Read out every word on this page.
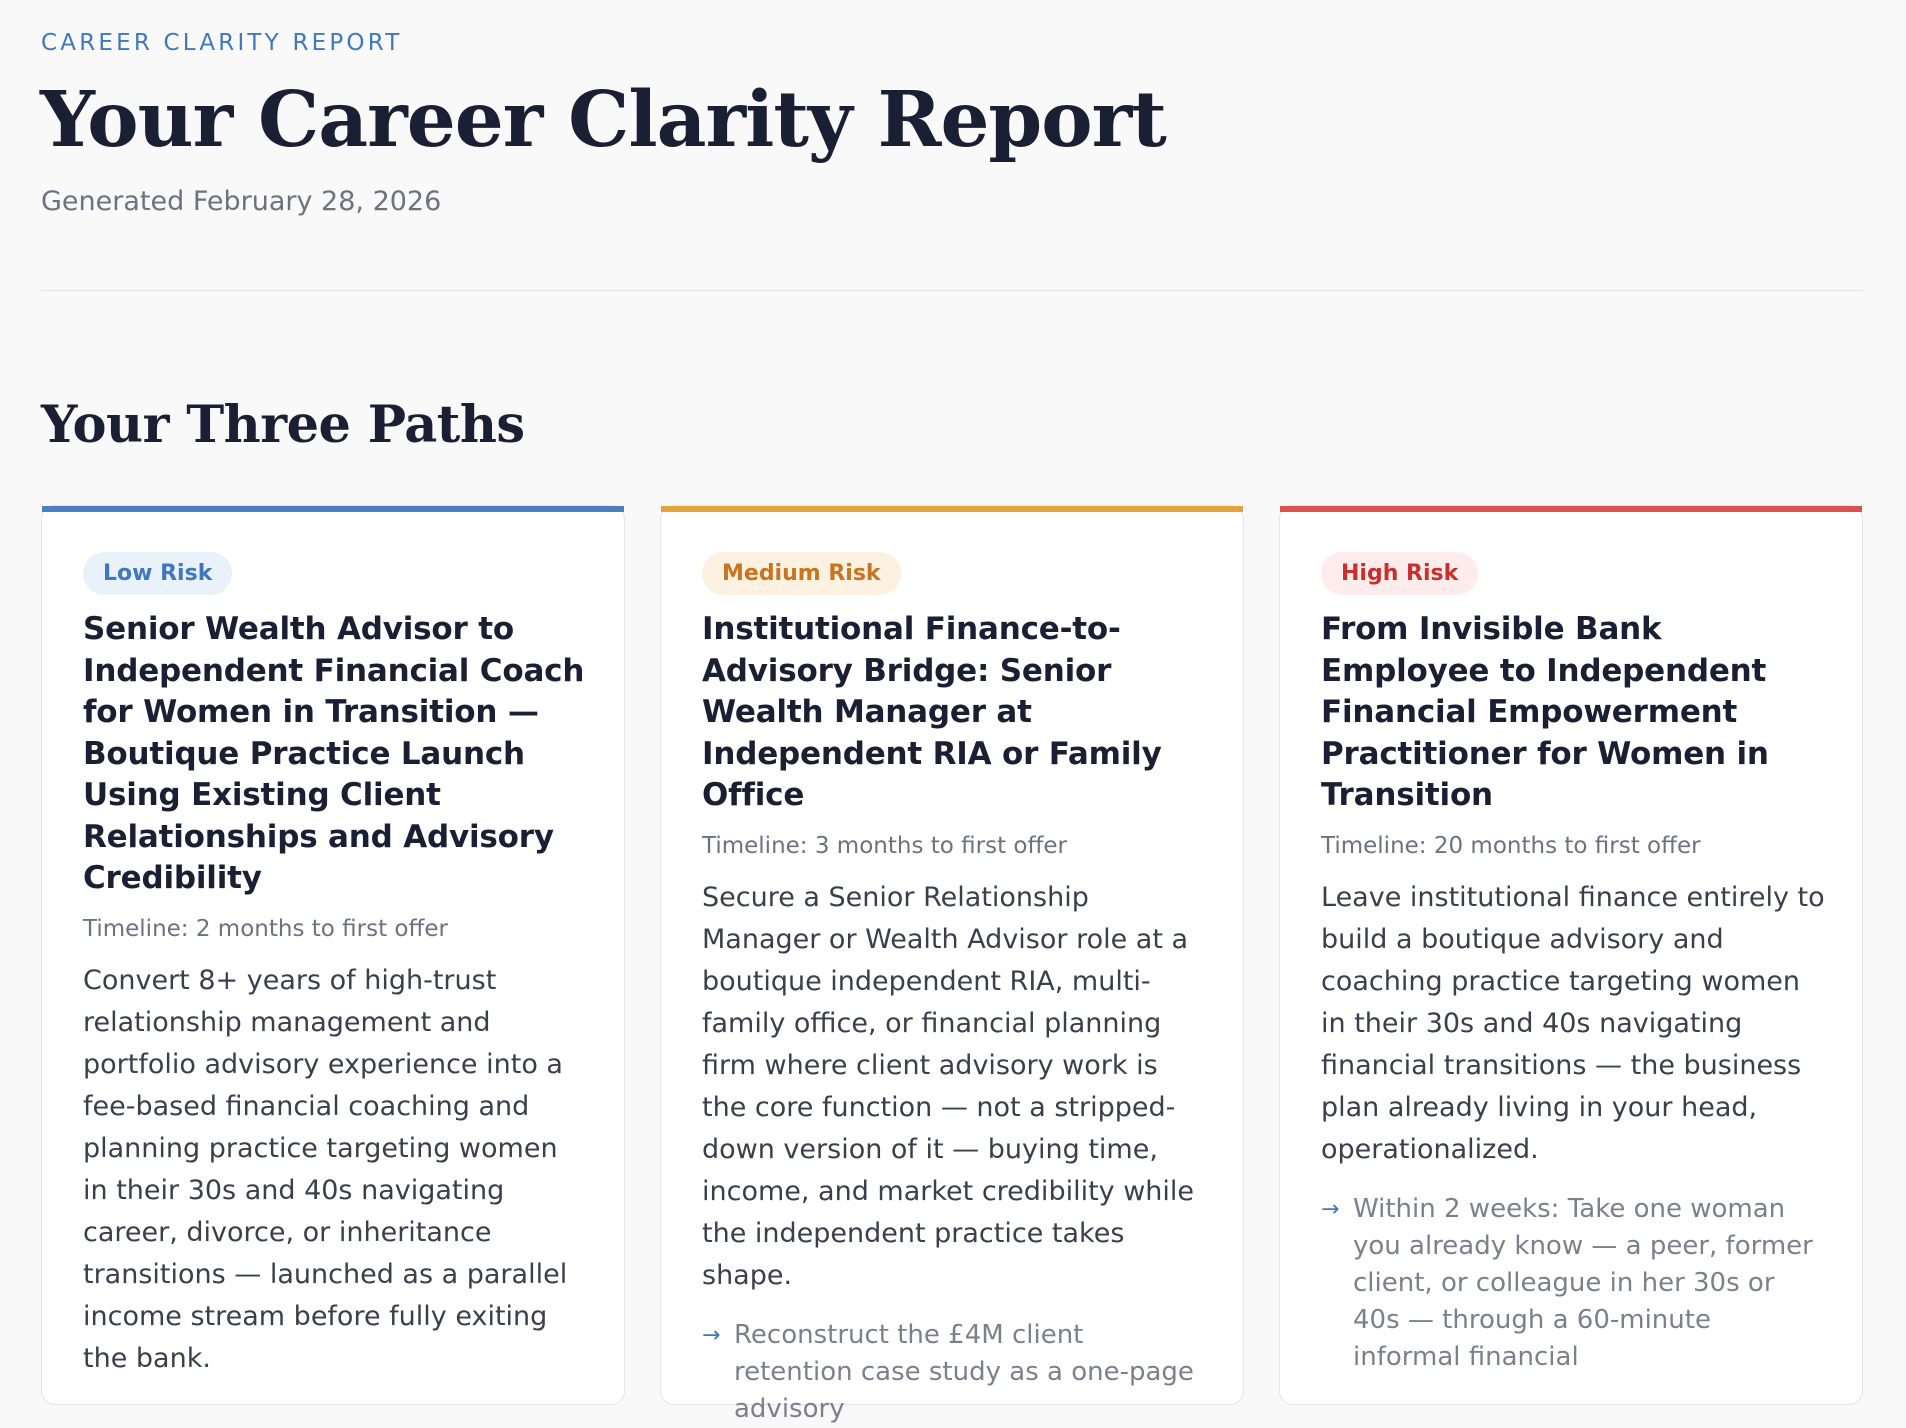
CAREER CLARITY REPORT
Your Career Clarity Report
Generated February 28, 2026
Your Three Paths
Low Risk
Senior Wealth Advisor to Independent Financial Coach for Women in Transition — Boutique Practice Launch Using Existing Client Relationships and Advisory Credibility
Timeline: 2 months to first offer
Convert 8+ years of high-trust relationship management and portfolio advisory experience into a fee-based financial coaching and planning practice targeting women in their 30s and 40s navigating career, divorce, or inheritance transitions — launched as a parallel income stream before fully exiting the bank.
Medium Risk
Institutional Finance-to-Advisory Bridge: Senior Wealth Manager at Independent RIA or Family Office
Timeline: 3 months to first offer
Secure a Senior Relationship Manager or Wealth Advisor role at a boutique independent RIA, multi-family office, or financial planning firm where client advisory work is the core function — not a stripped-down version of it — buying time, income, and market credibility while the independent practice takes shape.
→ Reconstruct the £4M client retention case study as a one-page advisory
High Risk
From Invisible Bank Employee to Independent Financial Empowerment Practitioner for Women in Transition
Timeline: 20 months to first offer
Leave institutional finance entirely to build a boutique advisory and coaching practice targeting women in their 30s and 40s navigating financial transitions — the business plan already living in your head, operationalized.
→ Within 2 weeks: Take one woman you already know — a peer, former client, or colleague in her 30s or 40s — through a 60-minute informal financial
